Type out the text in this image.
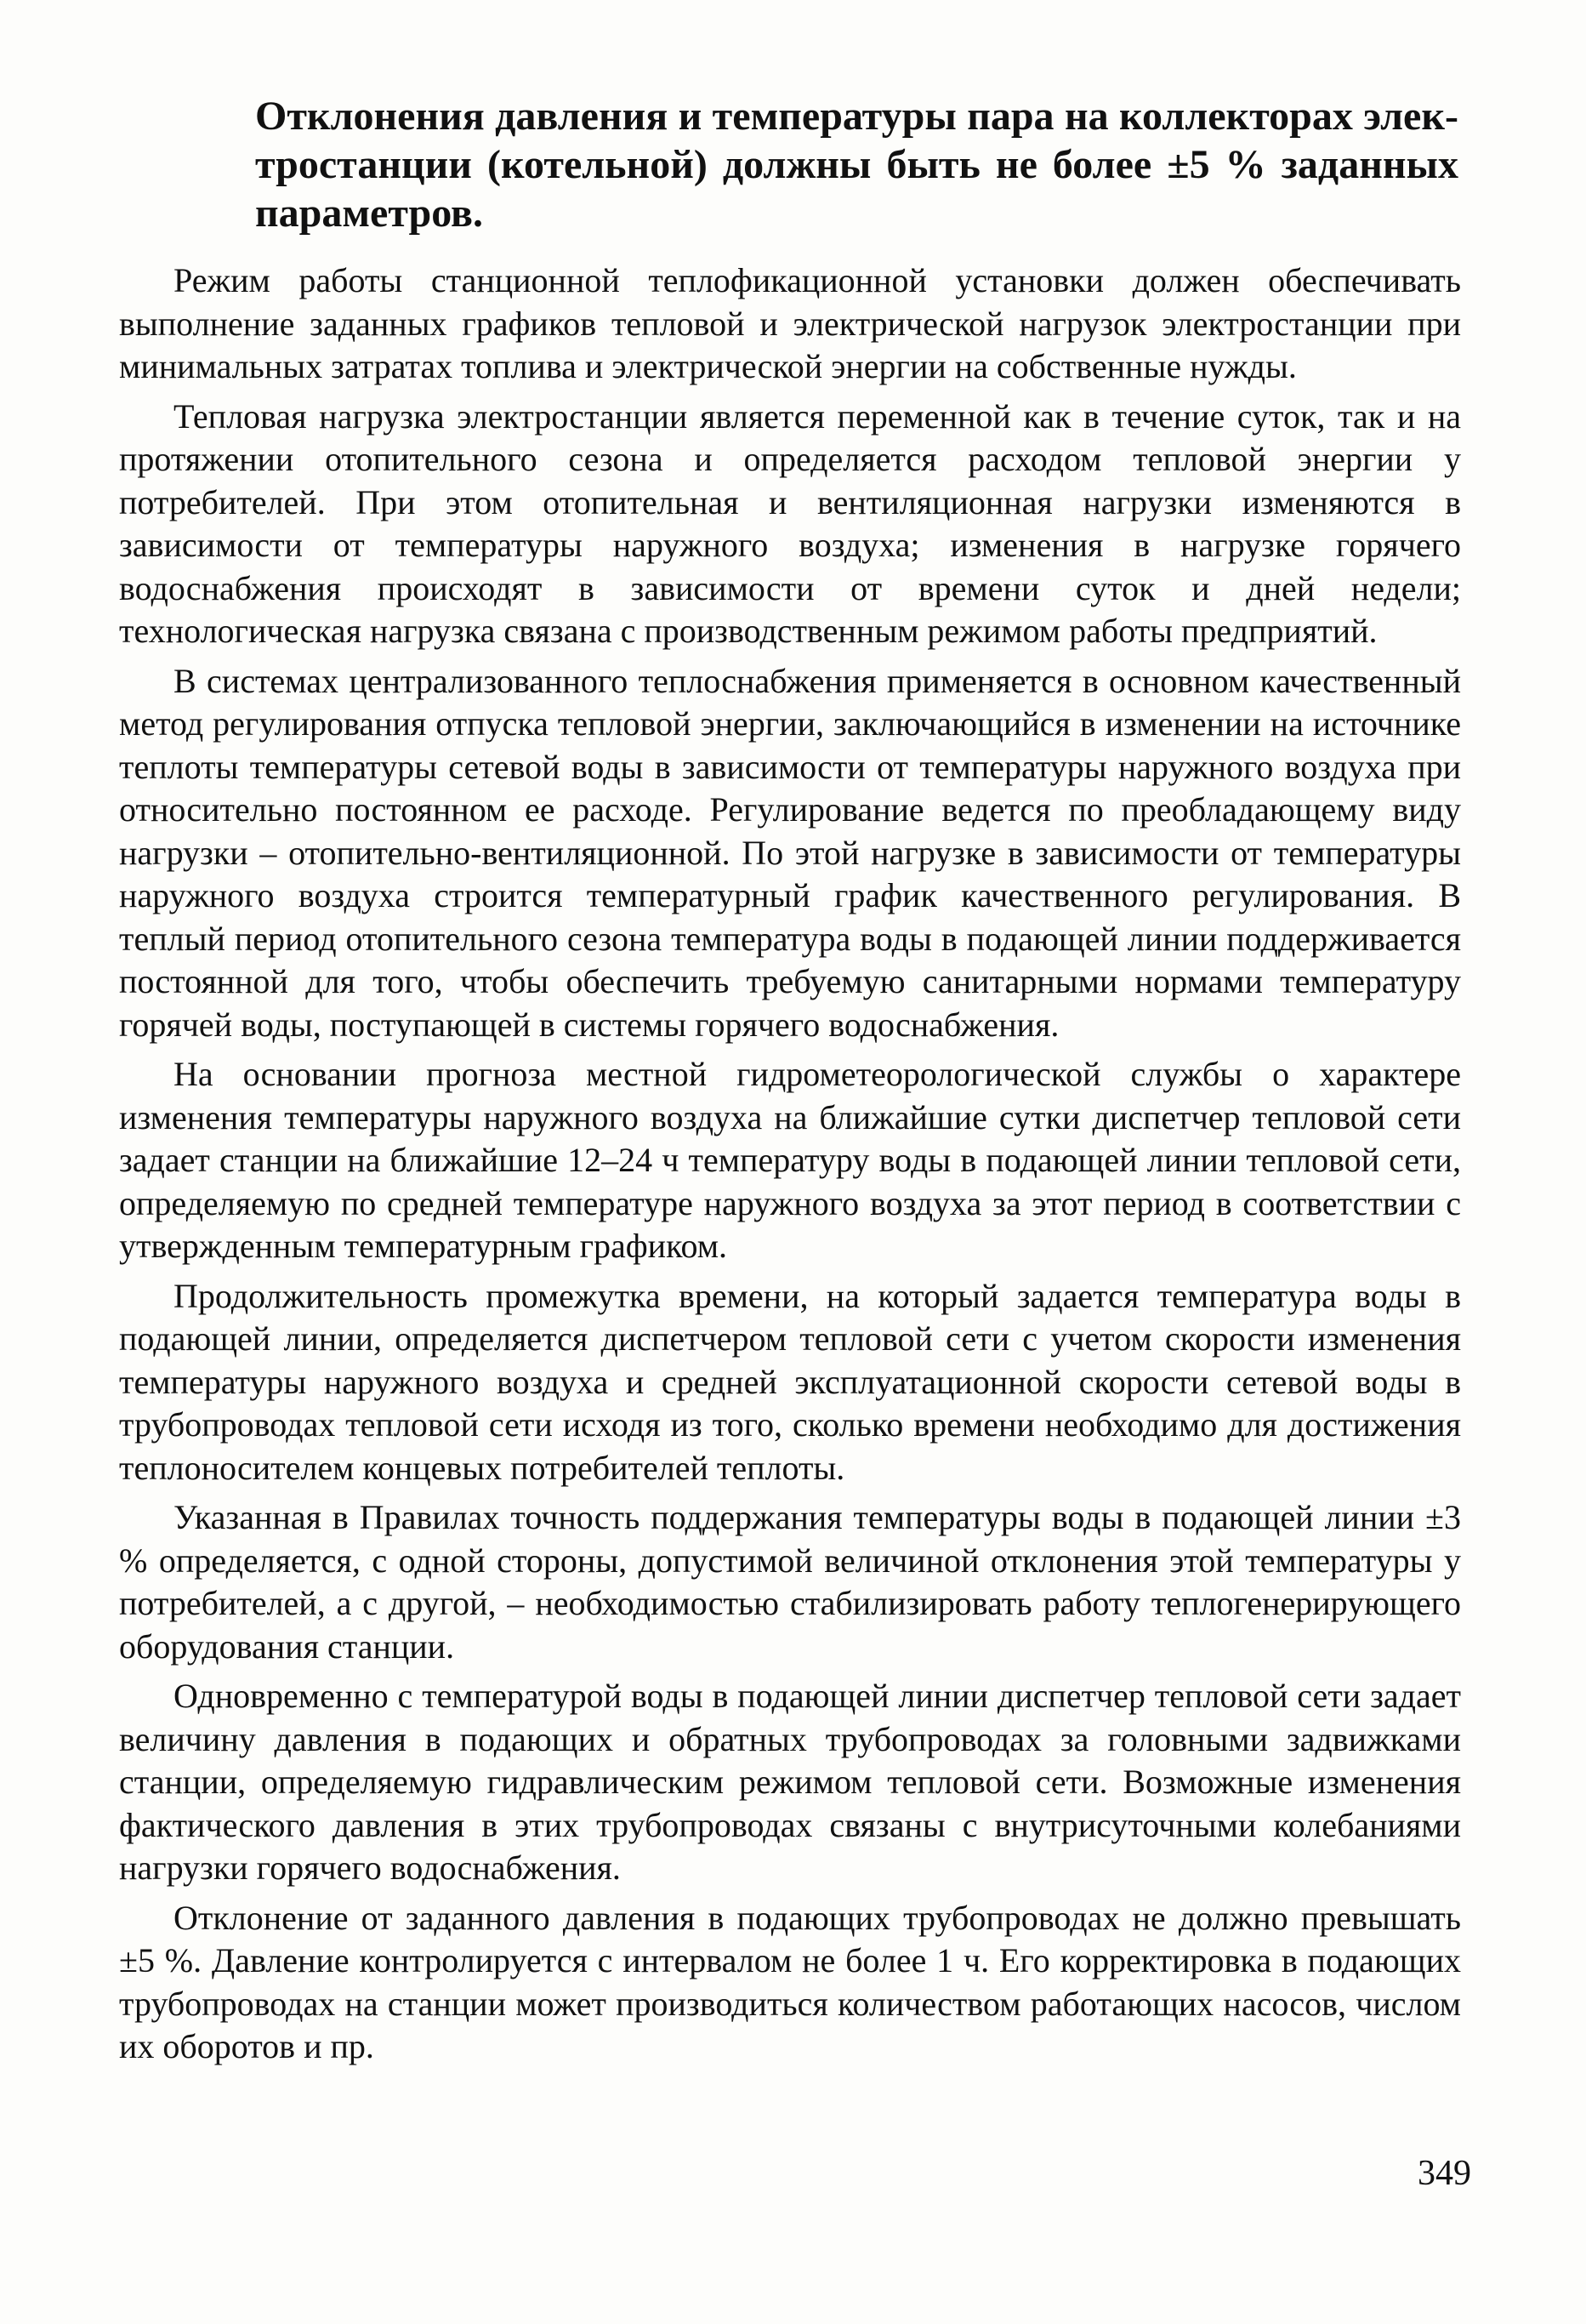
Отклонения давления и температуры пара на коллекторах электростанции (котельной) должны быть не более ±5 % заданных параметров.

Режим работы станционной теплофикационной установки должен обеспечивать выполнение заданных графиков тепловой и электрической нагрузок электростанции при минимальных затратах топлива и электрической энергии на собственные нужды.

Тепловая нагрузка электростанции является переменной как в течение суток, так и на протяжении отопительного сезона и определяется расходом тепловой энергии у потребителей. При этом отопительная и вентиляционная нагрузки изменяются в зависимости от температуры наружного воздуха; изменения в нагрузке горячего водоснабжения происходят в зависимости от времени суток и дней недели; технологическая нагрузка связана с производственным режимом работы предприятий.

В системах централизованного теплоснабжения применяется в основном качественный метод регулирования отпуска тепловой энергии, заключающийся в изменении на источнике теплоты температуры сетевой воды в зависимости от температуры наружного воздуха при относительно постоянном ее расходе. Регулирование ведется по преобладающему виду нагрузки – отопительно-вентиляционной. По этой нагрузке в зависимости от температуры наружного воздуха строится температурный график качественного регулирования. В теплый период отопительного сезона температура воды в подающей линии поддерживается постоянной для того, чтобы обеспечить требуемую санитарными нормами температуру горячей воды, поступающей в системы горячего водоснабжения.

На основании прогноза местной гидрометеорологической службы о характере изменения температуры наружного воздуха на ближайшие сутки диспетчер тепловой сети задает станции на ближайшие 12–24 ч температуру воды в подающей линии тепловой сети, определяемую по средней температуре наружного воздуха за этот период в соответствии с утвержденным температурным графиком.

Продолжительность промежутка времени, на который задается температура воды в подающей линии, определяется диспетчером тепловой сети с учетом скорости изменения температуры наружного воздуха и средней эксплуатационной скорости сетевой воды в трубопроводах тепловой сети исходя из того, сколько времени необходимо для достижения теплоносителем концевых потребителей теплоты.

Указанная в Правилах точность поддержания температуры воды в подающей линии ±3 % определяется, с одной стороны, допустимой величиной отклонения этой температуры у потребителей, а с другой, – необходимостью стабилизировать работу теплогенерирующего оборудования станции.

Одновременно с температурой воды в подающей линии диспетчер тепловой сети задает величину давления в подающих и обратных трубопроводах за головными задвижками станции, определяемую гидравлическим режимом тепловой сети. Возможные изменения фактического давления в этих трубопроводах связаны с внутрисуточными колебаниями нагрузки горячего водоснабжения.

Отклонение от заданного давления в подающих трубопроводах не должно превышать ±5 %. Давление контролируется с интервалом не более 1 ч. Его корректировка в подающих трубопроводах на станции может производиться количеством работающих насосов, числом их оборотов и пр.

349
